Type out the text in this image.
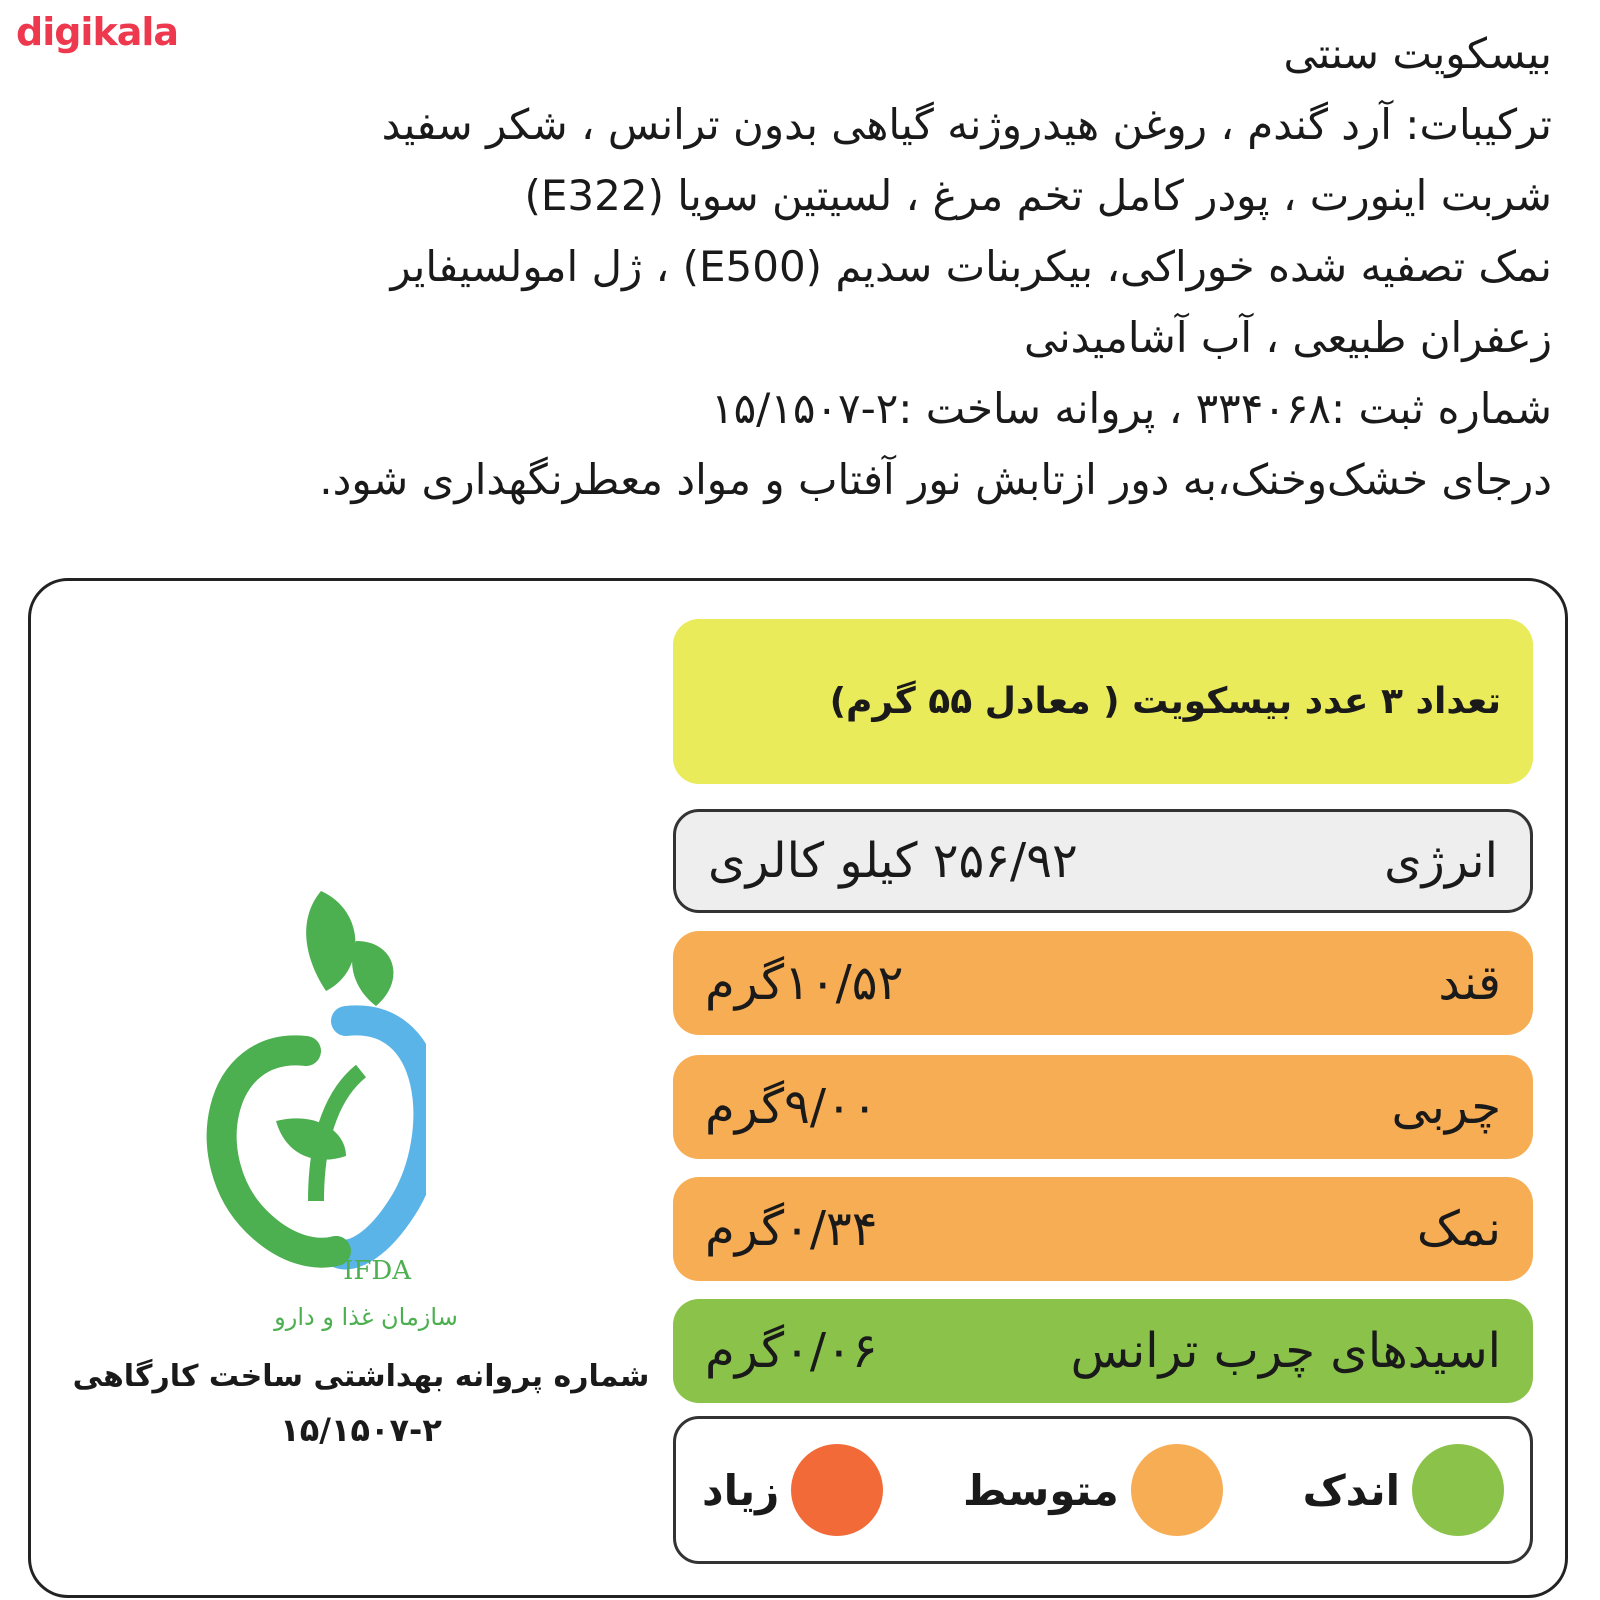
digikala	بیسکویت سنتی
ترکیبات: آرد گندم ، روغن هیدروژنه گیاهی بدون ترانس ، شکر سفید
شربت اینورت ، پودر کامل تخم مرغ ، لسیتین سویا (E322)
نمک تصفیه شده خوراکی، بیکربنات سدیم (E500) ، ژل امولسیفایر
زعفران طبیعی ، آب آشامیدنی
شماره ثبت :۳۳۴۰۶۸ ، پروانه ساخت :۲-۱۵/۱۵۰۷
درجای خشک‌وخنک،به دور ازتابش نور آفتاب و مواد معطرنگهداری شود.
IFDA
سازمان غذا و دارو
شماره پروانه بهداشتی ساخت کارگاهی
۱۵/۱۵۰۷-۲
تعداد ۳ عدد بیسکویت ( معادل ۵۵ گرم)
انرژی
۲۵۶/۹۲ کیلو کالری
قند
۱۰/۵۲گرم
چربی
۹/۰۰گرم
نمک
۰/۳۴گرم
اسیدهای چرب ترانس
۰/۰۶گرم
اندک
متوسط
زیاد
